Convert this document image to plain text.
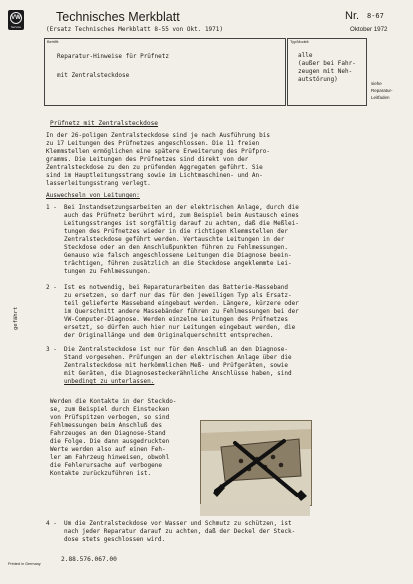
VW
Service
Technisches Merkblatt	Nr. 8-67
(Ersatz Technisches Merkblatt 8-55 von Okt. 1971)	Oktober 1972
Betrifft:
Reparatur-Hinweise für Prüfnetz
mit Zentralsteckdose
Typ/Modell:
alle
(außer bei Fahr-
zeugen mit Neh-
autstörung)
siehe
Reparatur-
Leitfaden
Prüfnetz mit Zentralsteckdose
In der 26-poligen Zentralsteckdose sind je nach Ausführung bis
zu 17 Leitungen des Prüfnetzes angeschlossen. Die 11 freien
Klemmstellen ermöglichen eine spätere Erweiterung des Prüfpro-
gramms. Die Leitungen des Prüfnetzes sind direkt von der
Zentralsteckdose zu den zu prüfenden Aggregaten geführt. Sie
sind im Hauptleitungsstrang sowie im Lichtmaschinen- und An-
lasserleitungsstrang verlegt.
Auswechseln von Leitungen:
1 - Bei Instandsetzungsarbeiten an der elektrischen Anlage, durch die
auch das Prüfnetz berührt wird, zum Beispiel beim Austausch eines
Leitungsstranges ist sorgfältig darauf zu achten, daß die Meßlei-
tungen des Prüfnetzes wieder in die richtigen Klemmstellen der
Zentralsteckdose geführt werden. Vertauschte Leitungen in der
Steckdose oder an den Anschlußpunkten führen zu Fehlmessungen.
Genauso wie falsch angeschlossene Leitungen die Diagnose beein-
trächtigen, führen zusätzlich an die Steckdose angeklemmte Lei-
tungen zu Fehlmessungen.
2 - Ist es notwendig, bei Reparaturarbeiten das Batterie-Masseband
zu ersetzen, so darf nur das für den jeweiligen Typ als Ersatz-
teil gelieferte Masseband eingebaut werden. Längere, kürzere oder
im Querschnitt andere Massebänder führen zu Fehlmessungen bei der
VW-Computer-Diagnose. Werden einzelne Leitungen des Prüfnetzes
ersetzt, so dürfen auch hier nur Leitungen eingebaut werden, die
der Originallänge und dem Originalquerschnitt entsprechen.
3 - Die Zentralsteckdose ist nur für den Anschluß an den Diagnose-
Stand vorgesehen. Prüfungen an der elektrischen Anlage über die
Zentralsteckdose mit herkömmlichen Meß- und Prüfgeräten, sowie
mit Geräten, die Diagnosesteckerähnliche Anschlüsse haben, sind
unbedingt zu unterlassen.
Werden die Kontakte in der Steckdo-
se, zum Beispiel durch Einstecken
von Prüfspitzen verbogen, so sind
Fehlmessungen beim Anschluß des
Fahrzeuges an den Diagnose-Stand
die Folge. Die dann ausgedruckten
Werte werden also auf einen Feh-
ler am Fahrzeug hinweisen, obwohl
die Fehlerursache auf verbogene
Kontakte zurückzuführen ist.
4 - Um die Zentralsteckdose vor Wasser und Schmutz zu schützen, ist
nach jeder Reparatur darauf zu achten, daß der Deckel der Steck-
dose stets geschlossen wird.
gefährt
Printed in Germany
2.88.576.067.00
